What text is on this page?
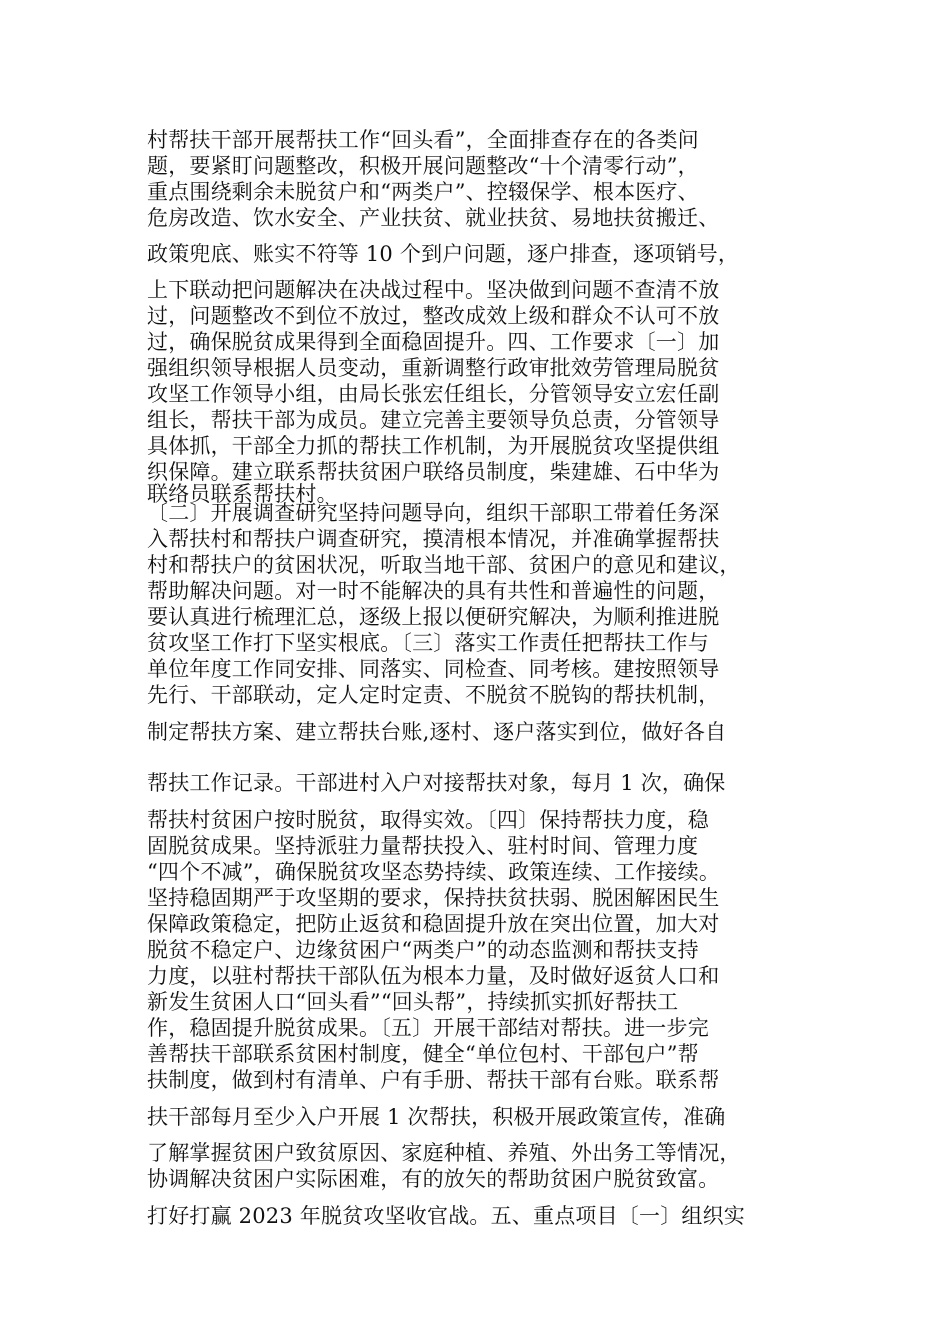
村帮扶干部开展帮扶工作“回头看”，全面排查存在的各类问
题，要紧盯问题整改，积极开展问题整改“十个清零行动”，
重点围绕剩余未脱贫户和“两类户”、控辍保学、根本医疗、
危房改造、饮水安全、产业扶贫、就业扶贫、易地扶贫搬迁、
政策兜底、账实不符等 10 个到户问题，逐户排查，逐项销号，
上下联动把问题解决在决战过程中。坚决做到问题不查清不放
过，问题整改不到位不放过，整改成效上级和群众不认可不放
过，确保脱贫成果得到全面稳固提升。四、工作要求〔一〕加
强组织领导根据人员变动，重新调整行政审批效劳管理局脱贫
攻坚工作领导小组，由局长张宏任组长，分管领导安立宏任副
组长，帮扶干部为成员。建立完善主要领导负总责，分管领导
具体抓，干部全力抓的帮扶工作机制，为开展脱贫攻坚提供组
织保障。建立联系帮扶贫困户联络员制度，柴建雄、石中华为
联络员联系帮扶村。
〔二〕开展调查研究坚持问题导向，组织干部职工带着任务深
入帮扶村和帮扶户调查研究，摸清根本情况，并准确掌握帮扶
村和帮扶户的贫困状况，听取当地干部、贫困户的意见和建议，
帮助解决问题。对一时不能解决的具有共性和普遍性的问题，
要认真进行梳理汇总，逐级上报以便研究解决，为顺利推进脱
贫攻坚工作打下坚实根底。〔三〕落实工作责任把帮扶工作与
单位年度工作同安排、同落实、同检查、同考核。建按照领导
先行、干部联动，定人定时定责、不脱贫不脱钩的帮扶机制，
制定帮扶方案、建立帮扶台账,逐村、逐户落实到位，做好各自
帮扶工作记录。干部进村入户对接帮扶对象，每月 1 次，确保
帮扶村贫困户按时脱贫，取得实效。〔四〕保持帮扶力度，稳
固脱贫成果。坚持派驻力量帮扶投入、驻村时间、管理力度
“四个不减”，确保脱贫攻坚态势持续、政策连续、工作接续。
坚持稳固期严于攻坚期的要求，保持扶贫扶弱、脱困解困民生
保障政策稳定，把防止返贫和稳固提升放在突出位置，加大对
脱贫不稳定户、边缘贫困户“两类户”的动态监测和帮扶支持
力度，以驻村帮扶干部队伍为根本力量，及时做好返贫人口和
新发生贫困人口“回头看”“回头帮”，持续抓实抓好帮扶工
作，稳固提升脱贫成果。〔五〕开展干部结对帮扶。进一步完
善帮扶干部联系贫困村制度，健全“单位包村、干部包户”帮
扶制度，做到村有清单、户有手册、帮扶干部有台账。联系帮
扶干部每月至少入户开展 1 次帮扶，积极开展政策宣传，准确
了解掌握贫困户致贫原因、家庭种植、养殖、外出务工等情况，
协调解决贫困户实际困难，有的放矢的帮助贫困户脱贫致富。
打好打赢 2023 年脱贫攻坚收官战。五、重点项目〔一〕组织实
